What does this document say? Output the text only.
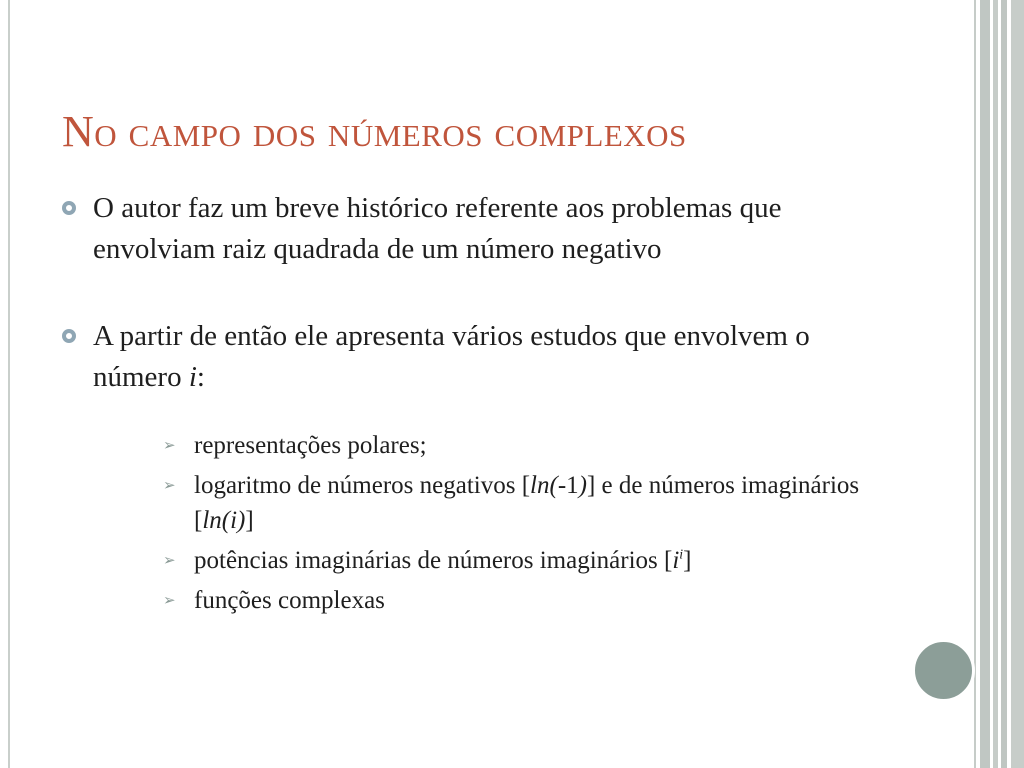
No campo dos números complexos
O autor faz um breve histórico referente aos problemas que envolviam raiz quadrada de um número negativo
A partir de então ele apresenta vários estudos que envolvem o número i:
➢ representações polares;
➢ logaritmo de números negativos [ln(-1)] e de números imaginários [ln(i)]
➢ potências imaginárias de números imaginários $[i^i]$
➢ funções complexas
